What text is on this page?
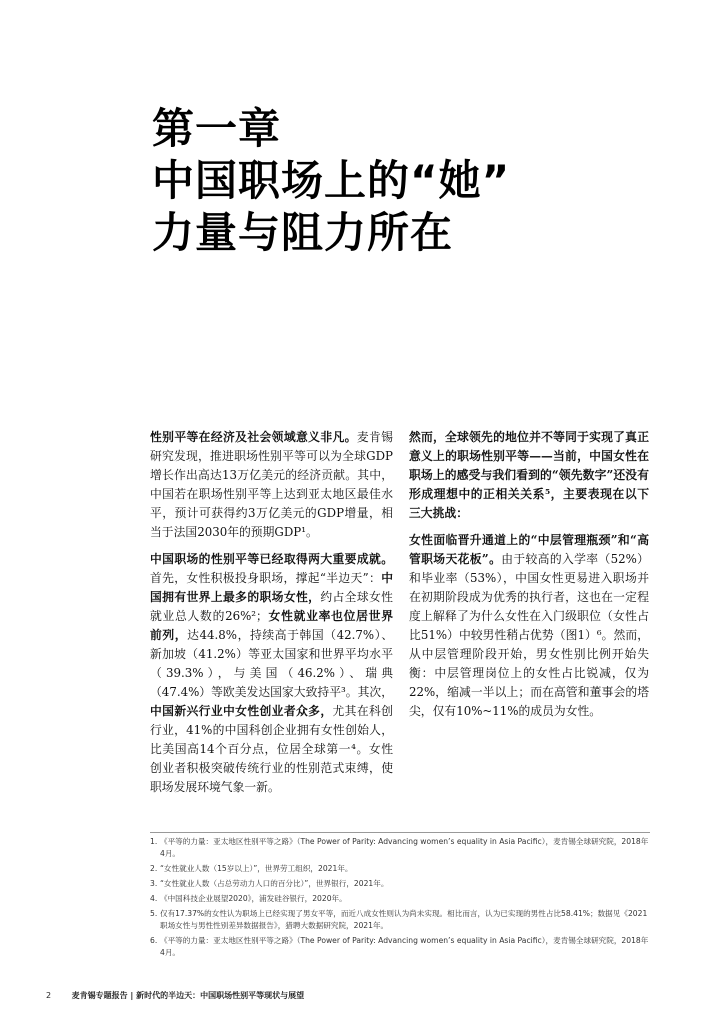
第一章
中国职场上的“她”
力量与阻力所在

性别平等在经济及社会领域意义非凡。麦肯锡研究发现，推进职场性别平等可以为全球GDP增长作出高达13万亿美元的经济贡献。其中，中国若在职场性别平等上达到亚太地区最佳水平，预计可获得约3万亿美元的GDP增量，相当于法国2030年的预期GDP¹。

中国职场的性别平等已经取得两大重要成就。首先，女性积极投身职场，撑起“半边天”：中国拥有世界上最多的职场女性，约占全球女性就业总人数的26%²；女性就业率也位居世界前列，达44.8%，持续高于韩国（42.7%）、新加坡（41.2%）等亚太国家和世界平均水平（39.3%），与美国（46.2%）、瑞典（47.4%）等欧美发达国家大致持平³。其次，中国新兴行业中女性创业者众多，尤其在科创行业，41%的中国科创企业拥有女性创始人，比美国高14个百分点，位居全球第一⁴。女性创业者积极突破传统行业的性别范式束缚，使职场发展环境气象一新。

然而，全球领先的地位并不等同于实现了真正意义上的职场性别平等——当前，中国女性在职场上的感受与我们看到的“领先数字”还没有形成理想中的正相关关系⁵，主要表现在以下三大挑战：

女性面临晋升通道上的“中层管理瓶颈”和“高管职场天花板”。由于较高的入学率（52%）和毕业率（53%），中国女性更易进入职场并在初期阶段成为优秀的执行者，这也在一定程度上解释了为什么女性在入门级职位（女性占比51%）中较男性稍占优势（图1）⁶。然而，从中层管理阶段开始，男女性别比例开始失衡：中层管理岗位上的女性占比锐减，仅为22%，缩减一半以上；而在高管和董事会的塔尖，仅有10%~11%的成员为女性。

1. 《平等的力量：亚太地区性别平等之路》（The Power of Parity: Advancing women’s equality in Asia Pacific），麦肯锡全球研究院，2018年4月。
2. “女性就业人数（15岁以上）”，世界劳工组织，2021年。
3. “女性就业人数（占总劳动力人口的百分比）”，世界银行，2021年。
4. 《中国科技企业展望2020》，浦发硅谷银行，2020年。
5. 仅有17.37%的女性认为职场上已经实现了男女平等，而近八成女性则认为尚未实现。相比而言，认为已实现的男性占比58.41%；数据见《2021职场女性与男性性别差异数据报告》，猎聘大数据研究院，2021年。
6. 《平等的力量：亚太地区性别平等之路》（The Power of Parity: Advancing women’s equality in Asia Pacific），麦肯锡全球研究院，2018年4月。
2	麦肯锡专题报告 | 新时代的半边天：中国职场性别平等现状与展望
